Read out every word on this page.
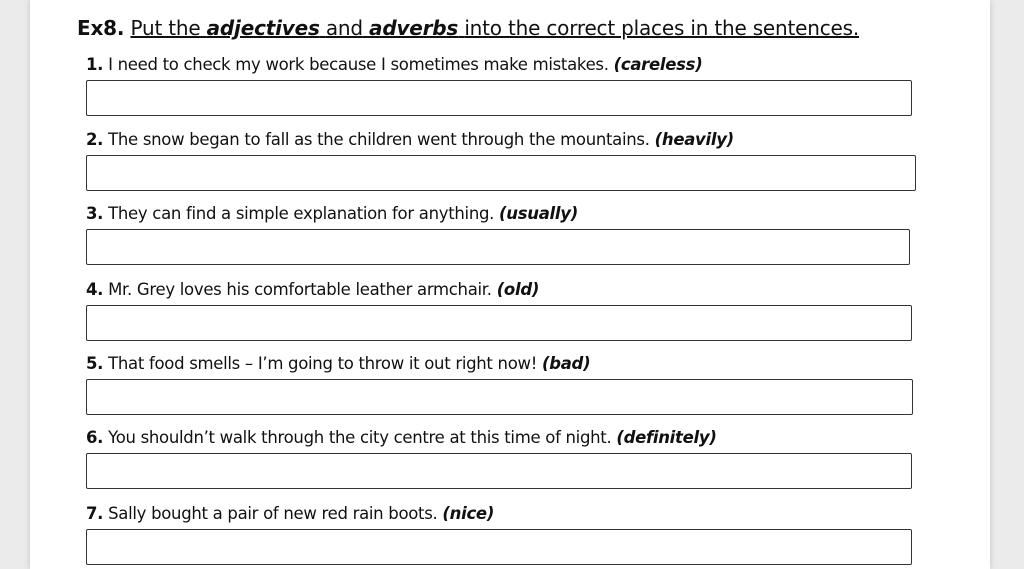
Ex8. Put the adjectives and adverbs into the correct places in the sentences.
1. I need to check my work because I sometimes make mistakes. (careless)
2. The snow began to fall as the children went through the mountains. (heavily)
3. They can find a simple explanation for anything. (usually)
4. Mr. Grey loves his comfortable leather armchair. (old)
5. That food smells – I’m going to throw it out right now! (bad)
6. You shouldn’t walk through the city centre at this time of night. (definitely)
7. Sally bought a pair of new red rain boots. (nice)
